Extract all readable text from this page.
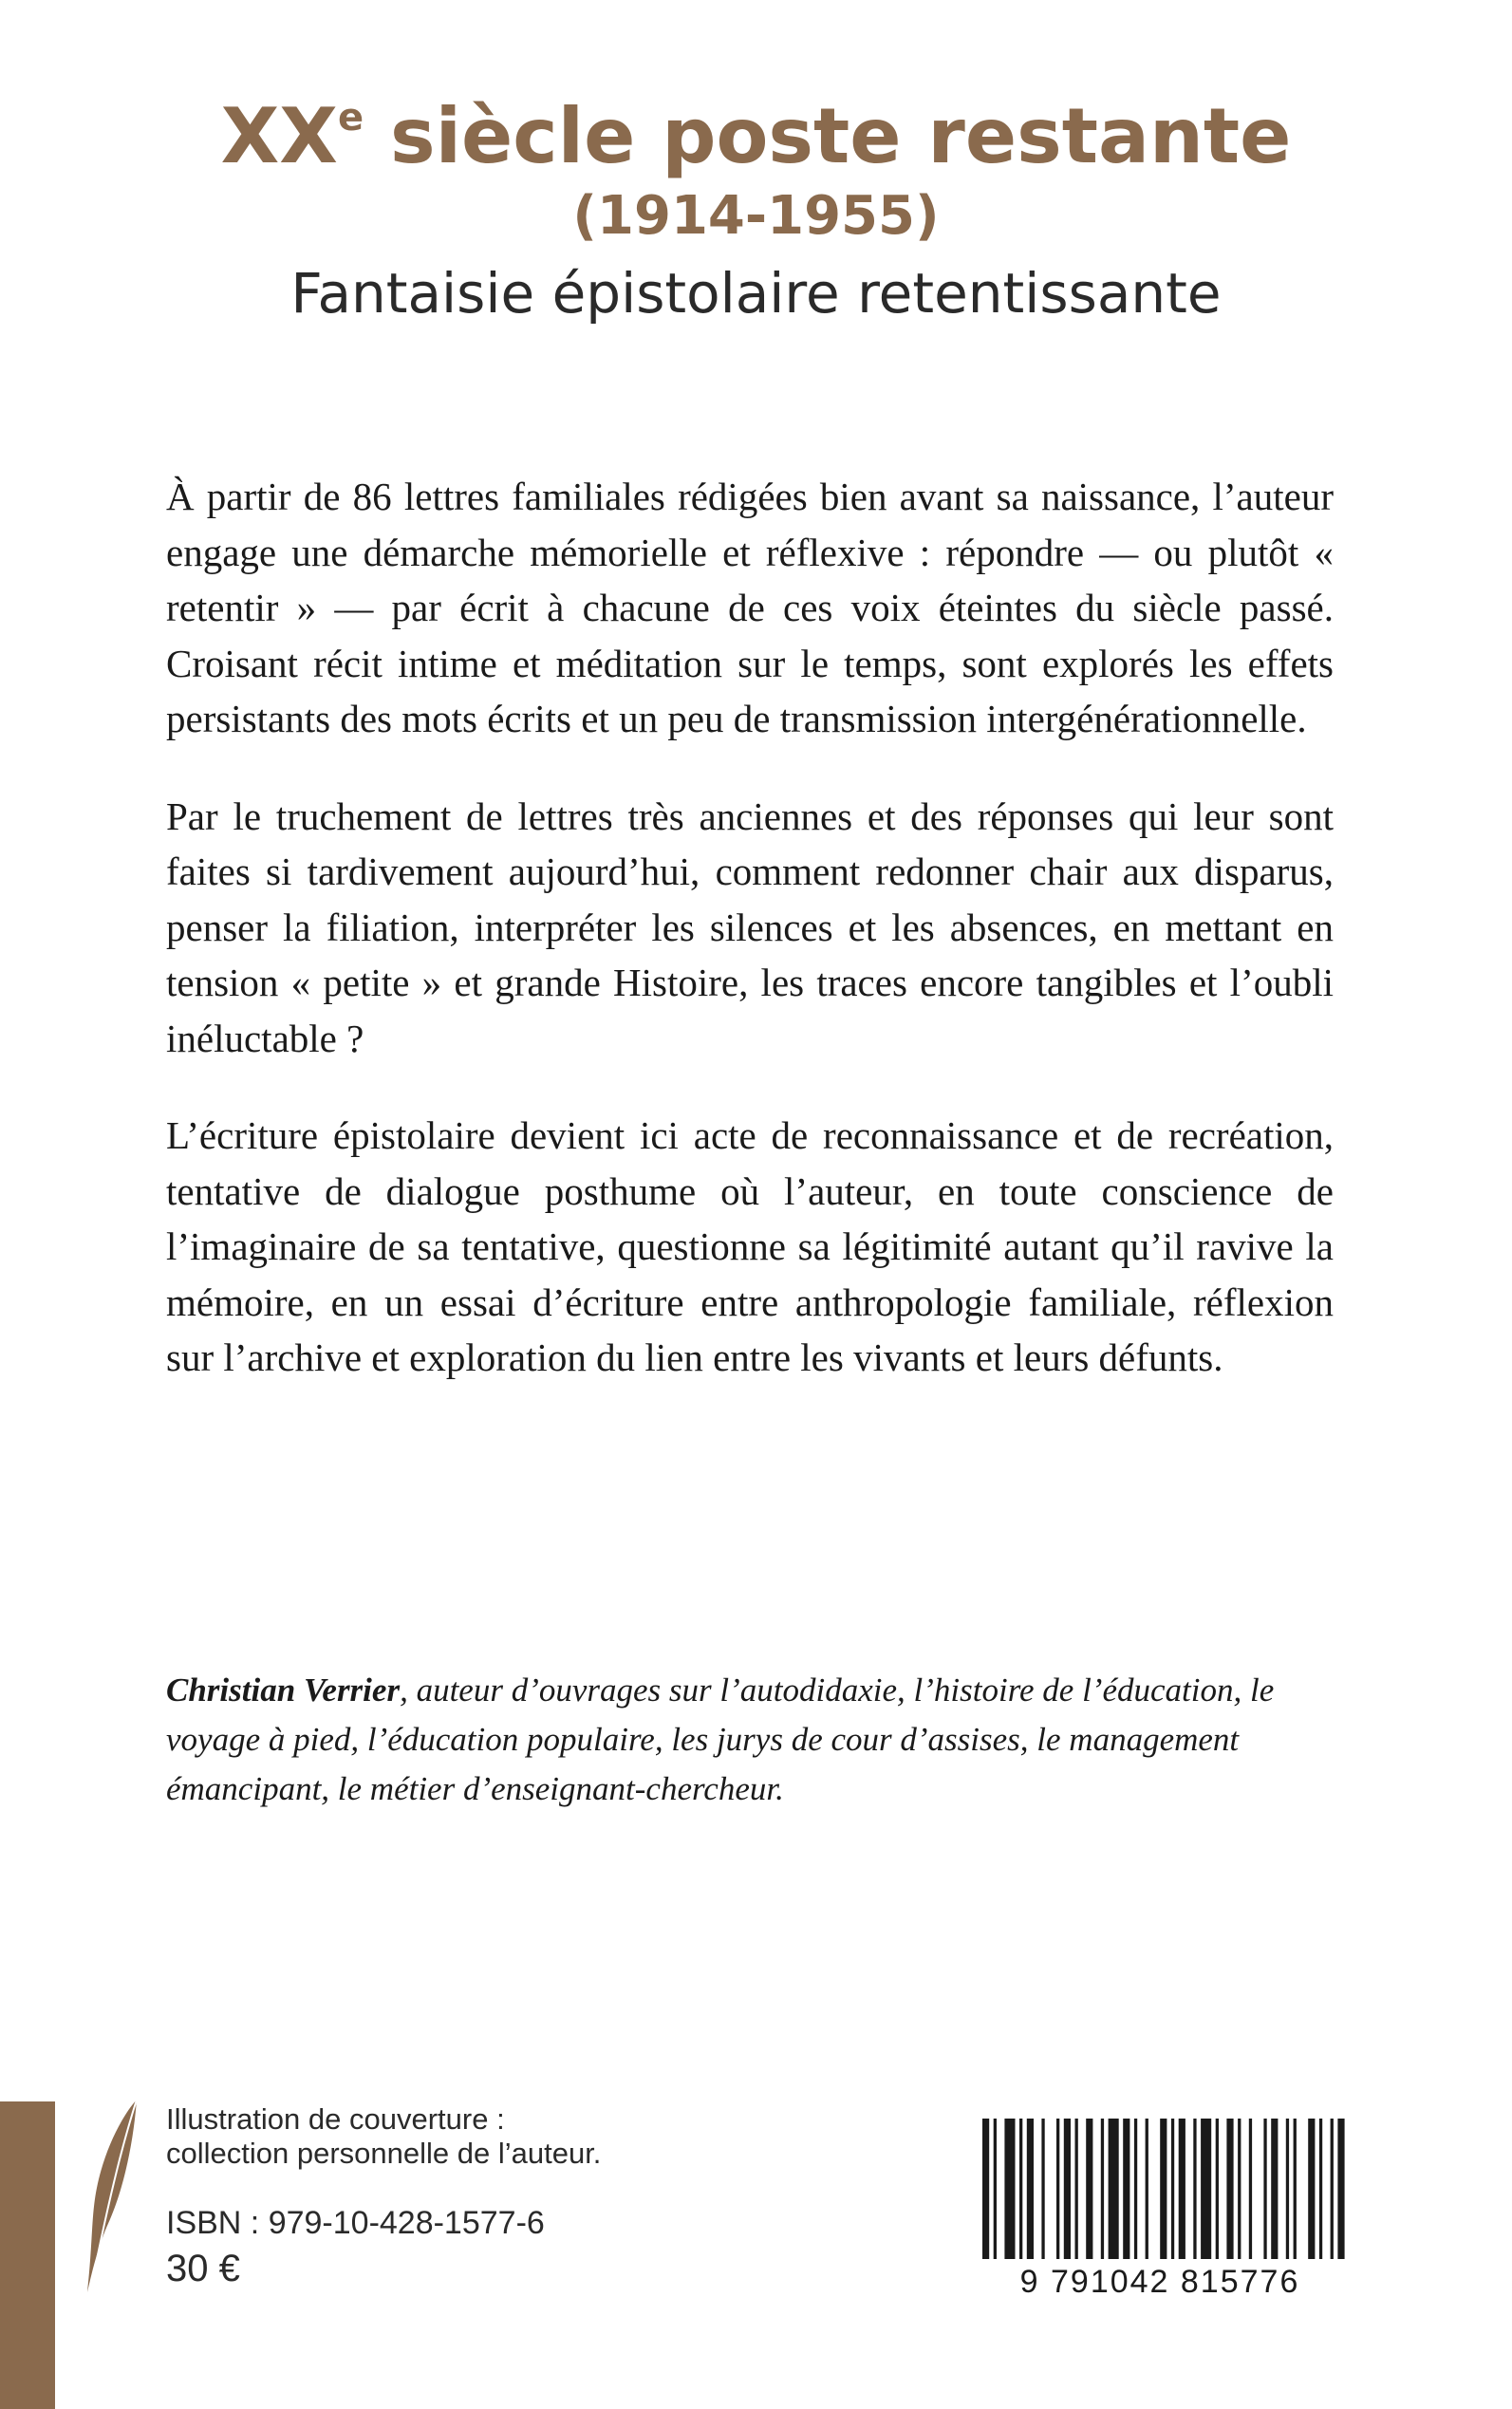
XXe siècle poste restante
(1914-1955)
Fantaisie épistolaire retentissante

À partir de 86 lettres familiales rédigées bien avant sa naissance, l’auteur engage une démarche mémorielle et réflexive : répondre — ou plutôt « retentir » — par écrit à chacune de ces voix éteintes du siècle passé. Croisant récit intime et méditation sur le temps, sont explorés les effets persistants des mots écrits et un peu de transmission intergénérationnelle.

Par le truchement de lettres très anciennes et des réponses qui leur sont faites si tardivement aujourd’hui, comment redonner chair aux disparus, penser la filiation, interpréter les silences et les absences, en mettant en tension « petite » et grande Histoire, les traces encore tangibles et l’oubli inéluctable ?

L’écriture épistolaire devient ici acte de reconnaissance et de recréation, tentative de dialogue posthume où l’auteur, en toute conscience de l’imaginaire de sa tentative, questionne sa légitimité autant qu’il ravive la mémoire, en un essai d’écriture entre anthropologie familiale, réflexion sur l’archive et exploration du lien entre les vivants et leurs défunts.

Christian Verrier, auteur d’ouvrages sur l’autodidaxie, l’histoire de l’éducation, le voyage à pied, l’éducation populaire, les jurys de cour d’assises, le management émancipant, le métier d’enseignant-chercheur.
Illustration de couverture :
collection personnelle de l’auteur.
ISBN : 979-10-428-1577-6
30 €	9 791042 815776
